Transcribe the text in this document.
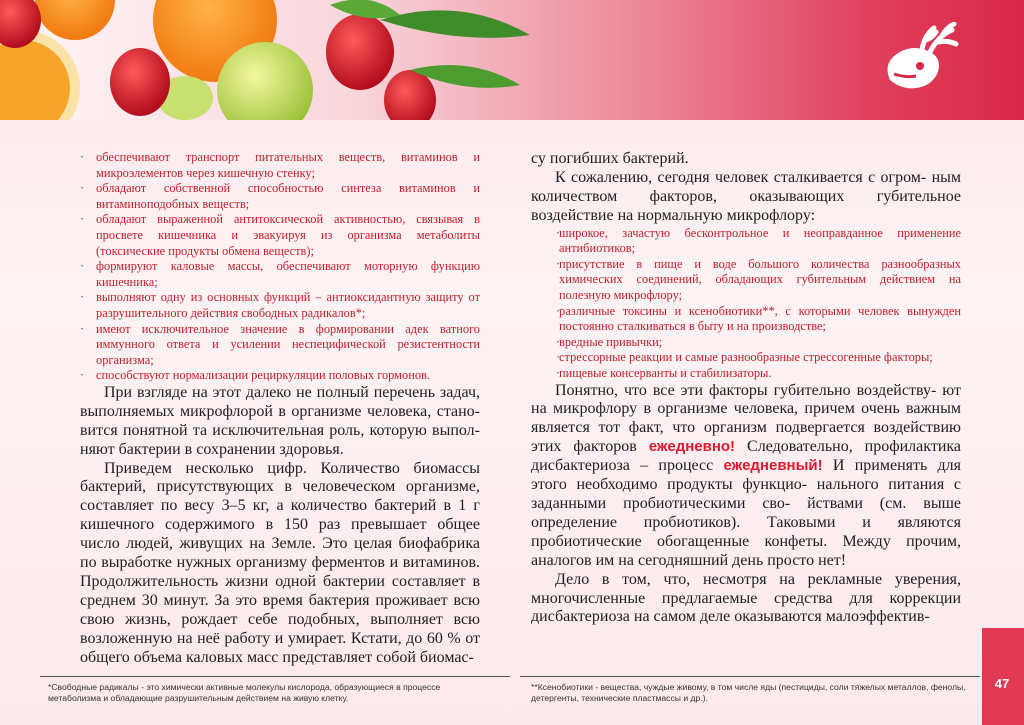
· обеспечивают транспорт питательных веществ, витаминов и микроэлементов через кишечную стенку;
· обладают собственной способностью синтеза витаминов и витаминоподобных веществ;
· обладают выраженной антитоксической активностью, связывая в просвете кишечника и эвакуируя из организма метаболиты (токсические продукты обмена веществ);
· формируют каловые массы, обеспечивают моторную функцию кишечника;
· выполняют одну из основных функций – антиоксидантную защиту от разрушительного действия свободных радикалов*;
· имеют исключительное значение в формировании адек ватного иммунного ответа и усилении неспецифической резистентности организма;
· способствуют нормализации рециркуляции половых гормонов.

При взгляде на этот далеко не полный перечень задач, выполняемых микрофлорой в организме человека, стано- вится понятной та исключительная роль, которую выпол- няют бактерии в сохранении здоровья.

Приведем несколько цифр. Количество биомассы бактерий, присутствующих в человеческом организме, составляет по весу 3–5 кг, а количество бактерий в 1 г кишечного содержимого в 150 раз превышает общее число людей, живущих на Земле. Это целая биофабрика по выработке нужных организму ферментов и витаминов. Продолжительность жизни одной бактерии составляет в среднем 30 минут. За это время бактерия проживает всю свою жизнь, рождает себе подобных, выполняет всю возложенную на неё работу и умирает. Кстати, до 60 % от общего объема каловых масс представляет собой биомас-

су погибших бактерий.

К сожалению, сегодня человек сталкивается с огром- ным количеством факторов, оказывающих губительное воздействие на нормальную микрофлору:

· широкое, зачастую бесконтрольное и неоправданное применение антибиотиков;
· присутствие в пище и воде большого количества разнообразных химических соединений, обладающих губительным действием на полезную микрофлору;
· различные токсины и ксенобиотики**, с которыми человек вынужден постоянно сталкиваться в быту и на производстве;
· вредные привычки;
· стрессорные реакции и самые разнообразные стрессогенные факторы;
· пищевые консерванты и стабилизаторы.

Понятно, что все эти факторы губительно воздейству- ют на микрофлору в организме человека, причем очень важным является тот факт, что организм подвергается воздействию этих факторов ежедневно! Следовательно, профилактика дисбактериоза – процесс ежедневный! И применять для этого необходимо продукты функцио- нального питания с заданными пробиотическими сво- йствами (см. выше определение пробиотиков). Таковыми и являются пробиотические обогащенные конфеты. Между прочим, аналогов им на сегодняшний день просто нет!

Дело в том, что, несмотря на рекламные уверения, многочисленные предлагаемые средства для коррекции дисбактериоза на самом деле оказываются малоэффектив-

*Свободные радикалы - это химически активные молекулы кислорода, образующиеся в процессе метаболизма и обладающие разрушительным действием на живую клетку.
**Ксенобиотики - вещества, чуждые живому, в том числе яды (пестициды, соли тяжелых металлов, фенолы, детергенты, технические пластмассы и др.).
47
